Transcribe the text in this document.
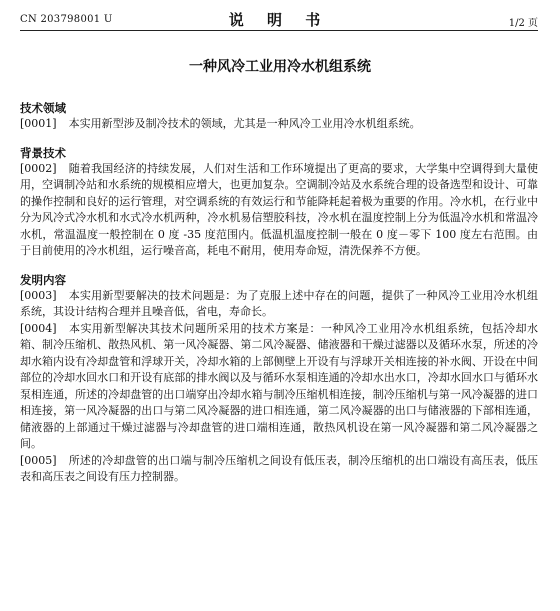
CN 203798001 U	说 明 书	1/2 页
一种风冷工业用冷水机组系统

技术领域

[0001] 本实用新型涉及制冷技术的领域，尤其是一种风冷工业用冷水机组系统。

背景技术

[0002] 随着我国经济的持续发展，人们对生活和工作环境提出了更高的要求，大学集中空调得到大量使用，空调制冷站和水系统的规模相应增大，也更加复杂。空调制冷站及水系统合理的设备选型和设计、可靠的操作控制和良好的运行管理，对空调系统的有效运行和节能降耗起着极为重要的作用。冷水机，在行业中分为风冷式冷水机和水式冷水机两种，冷水机易信塑胶科技，冷水机在温度控制上分为低温冷水机和常温冷水机，常温温度一般控制在 0 度 -35 度范围内。低温机温度控制一般在 0 度－零下 100 度左右范围。由于目前使用的冷水机组，运行噪音高，耗电不耐用，使用寿命短，清洗保养不方便。

发明内容

[0003] 本实用新型要解决的技术问题是：为了克服上述中存在的问题，提供了一种风冷工业用冷水机组系统，其设计结构合理并且噪音低，省电，寿命长。

[0004] 本实用新型解决其技术问题所采用的技术方案是：一种风冷工业用冷水机组系统，包括冷却水箱、制冷压缩机、散热风机、第一风冷凝器、第二风冷凝器、储液器和干燥过滤器以及循环水泵，所述的冷却水箱内设有冷却盘管和浮球开关，冷却水箱的上部侧壁上开设有与浮球开关相连接的补水阀、开设在中间部位的冷却水回水口和开设有底部的排水阀以及与循环水泵相连通的冷却水出水口，冷却水回水口与循环水泵相连通，所述的冷却盘管的出口端穿出冷却水箱与制冷压缩机相连接，制冷压缩机与第一风冷凝器的进口相连接，第一风冷凝器的出口与第二风冷凝器的进口相连通，第二风冷凝器的出口与储液器的下部相连通，储液器的上部通过干燥过滤器与冷却盘管的进口端相连通，散热风机设在第一风冷凝器和第二风冷凝器之间。

[0005] 所述的冷却盘管的出口端与制冷压缩机之间设有低压表，制冷压缩机的出口端设有高压表，低压表和高压表之间设有压力控制器。
